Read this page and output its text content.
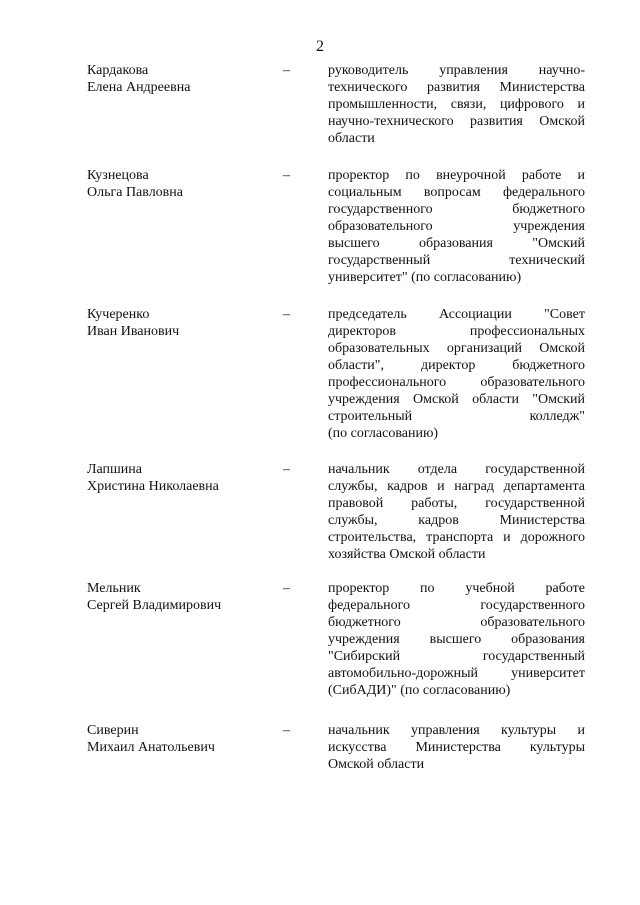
2
Кардакова
Елена Андреевна
–	руководитель управления научно-
технического развития Министерства
промышленности, связи, цифрового и
научно-технического развития Омской
области
Кузнецова
Ольга Павловна
–	проректор по внеурочной работе и
социальным вопросам федерального
государственного бюджетного
образовательного учреждения
высшего образования "Омский
государственный технический
университет" (по согласованию)
Кучеренко
Иван Иванович
–	председатель Ассоциации "Совет
директоров профессиональных
образовательных организаций Омской
области", директор бюджетного
профессионального образовательного
учреждения Омской области "Омский
строительный колледж"
(по согласованию)
Лапшина
Христина Николаевна
–	начальник отдела государственной
службы, кадров и наград департамента
правовой работы, государственной
службы, кадров Министерства
строительства, транспорта и дорожного
хозяйства Омской области
Мельник
Сергей Владимирович
–	проректор по учебной работе
федерального государственного
бюджетного образовательного
учреждения высшего образования
"Сибирский государственный
автомобильно-дорожный университет
(СибАДИ)" (по согласованию)
Сиверин
Михаил Анатольевич
–	начальник управления культуры и
искусства Министерства культуры
Омской области
